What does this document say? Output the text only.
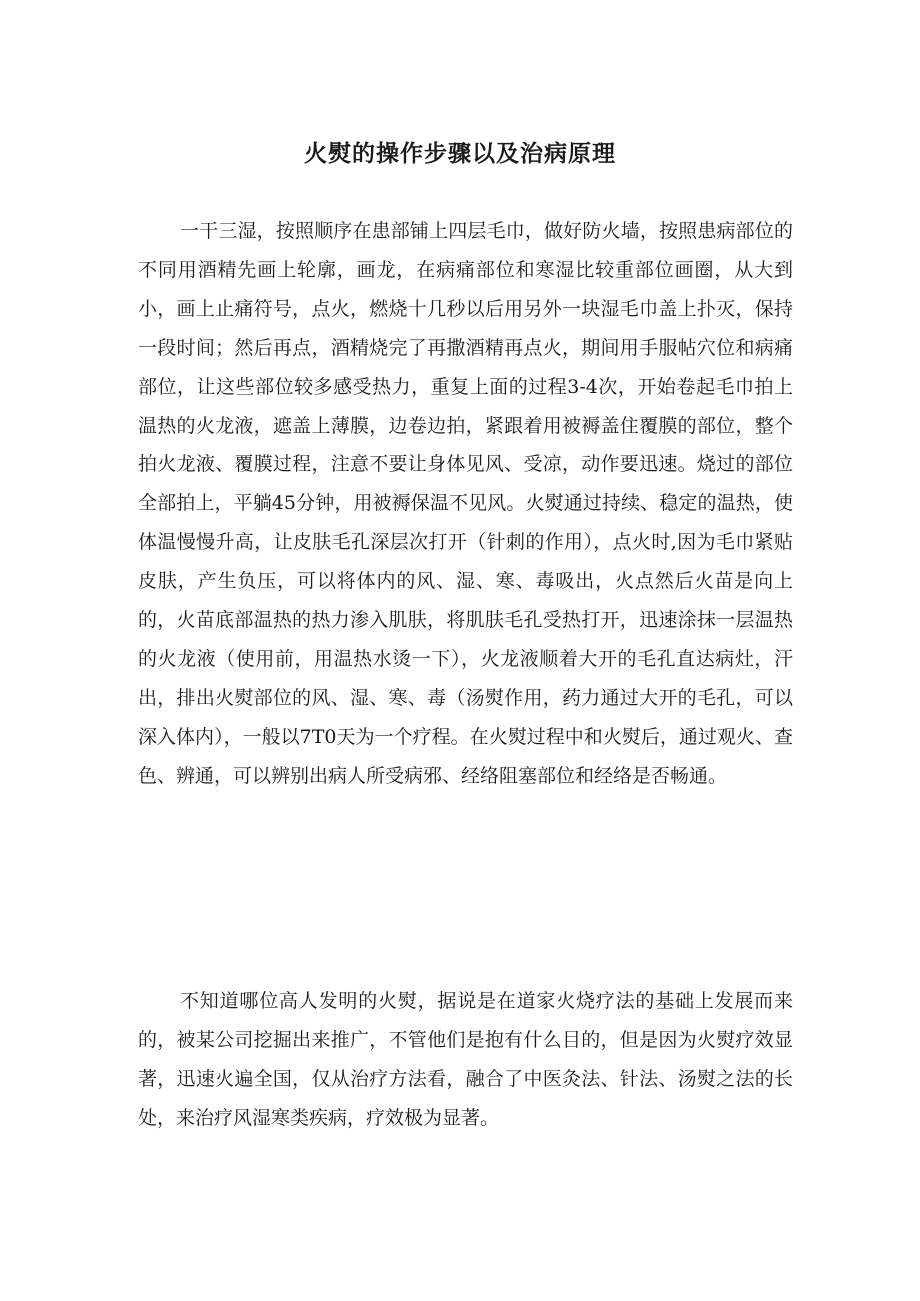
火熨的操作步骤以及治病原理

一干三湿，按照顺序在患部铺上四层毛巾，做好防火墙，按照患病部位的不同用酒精先画上轮廓，画龙，在病痛部位和寒湿比较重部位画圈，从大到小，画上止痛符号，点火，燃烧十几秒以后用另外一块湿毛巾盖上扑灭，保持一段时间；然后再点，酒精烧完了再撒酒精再点火，期间用手服帖穴位和病痛部位，让这些部位较多感受热力，重复上面的过程3-4次，开始卷起毛巾拍上温热的火龙液，遮盖上薄膜，边卷边拍，紧跟着用被褥盖住覆膜的部位，整个拍火龙液、覆膜过程，注意不要让身体见风、受凉，动作要迅速。烧过的部位全部拍上，平躺45分钟，用被褥保温不见风。火熨通过持续、稳定的温热，使体温慢慢升高，让皮肤毛孔深层次打开（针刺的作用），点火时,因为毛巾紧贴皮肤，产生负压，可以将体内的风、湿、寒、毒吸出，火点然后火苗是向上的，火苗底部温热的热力渗入肌肤，将肌肤毛孔受热打开，迅速涂抹一层温热的火龙液（使用前，用温热水烫一下），火龙液顺着大开的毛孔直达病灶，汗出，排出火熨部位的风、湿、寒、毒（汤熨作用，药力通过大开的毛孔，可以深入体内），一般以7T0天为一个疗程。在火熨过程中和火熨后，通过观火、查色、辨通，可以辨别出病人所受病邪、经络阻塞部位和经络是否畅通。

不知道哪位高人发明的火熨，据说是在道家火烧疗法的基础上发展而来的，被某公司挖掘出来推广，不管他们是抱有什么目的，但是因为火熨疗效显著，迅速火遍全国，仅从治疗方法看，融合了中医灸法、针法、汤熨之法的长处，来治疗风湿寒类疾病，疗效极为显著。
